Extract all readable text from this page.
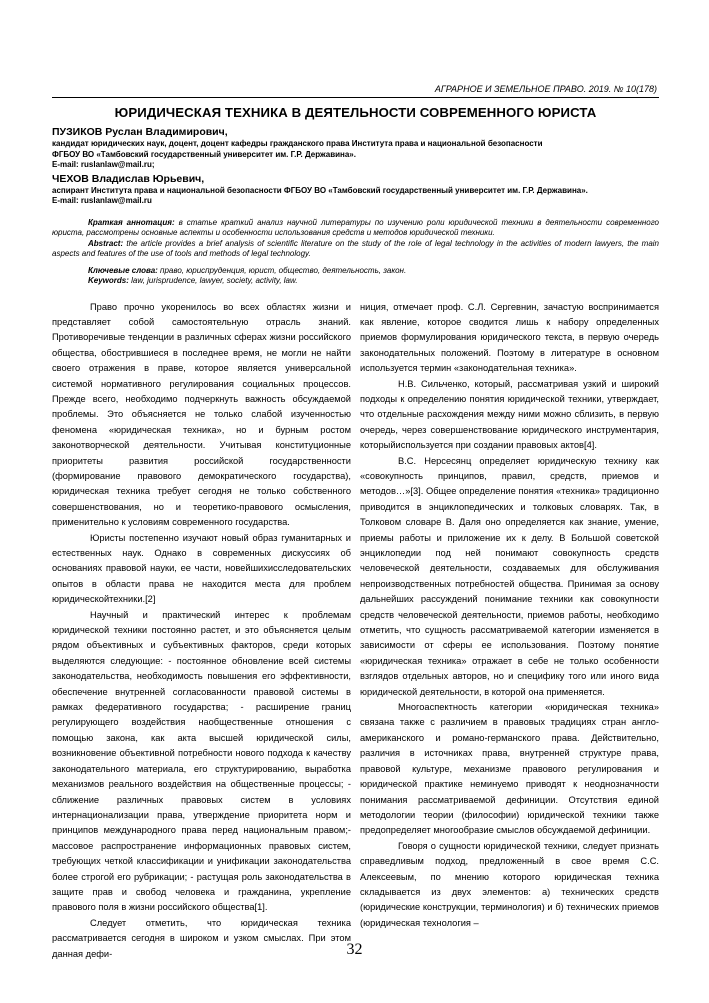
АГРАРНОЕ И ЗЕМЕЛЬНОЕ ПРАВО. 2019. № 10(178)
ЮРИДИЧЕСКАЯ ТЕХНИКА В ДЕЯТЕЛЬНОСТИ СОВРЕМЕННОГО ЮРИСТА
ПУЗИКОВ Руслан Владимирович,
кандидат юридических наук, доцент, доцент кафедры гражданского права Института права и национальной безопасности
ФГБОУ ВО «Тамбовский государственный университет им. Г.Р. Державина».
E-mail: ruslanlaw@mail.ru;
ЧЕХОВ Владислав Юрьевич,
аспирант Института права и национальной безопасности ФГБОУ ВО «Тамбовский государственный университет им. Г.Р. Державина».
E-mail: ruslanlaw@mail.ru

Краткая аннотация: в статье краткий анализ научной литературы по изучению роли юридической техники в деятельности современного юриста, рассмотрены основные аспекты и особенности использования средств и методов юридической техники.

Abstract: the article provides a brief analysis of scientific literature on the study of the role of legal technology in the activities of modern lawyers, the main aspects and features of the use of tools and methods of legal technology.

Ключевые слова: право, юриспруденция, юрист, общество, деятельность, закон.

Keywords: law, jurisprudence, lawyer, society, activity, law.

Право прочно укоренилось во всех областях жизни и представляет собой самостоятельную отрасль знаний. Противоречивые тенденции в различных сферах жизни российского общества, обострившиеся в последнее время, не могли не найти своего отражения в праве, которое является универсальной системой нормативного регулирования социальных процессов. Прежде всего, необходимо подчеркнуть важность обсуждаемой проблемы. Это объясняется не только слабой изученностью феномена «юридическая техника», но и бурным ростом законотворческой деятельности. Учитывая конституционные приоритеты развития российской государственности (формирование правового демократического государства), юридическая техника требует сегодня не только собственного совершенствования, но и теоретико-правового осмысления, применительно к условиям современного государства.

Юристы постепенно изучают новый образ гуманитарных и естественных наук. Однако в современных дискуссиях об основаниях правовой науки, ее части, новейшихисследовательских опытов в области права не находится места для проблем юридическойтехники.[2]

Научный и практический интерес к проблемам юридической техники постоянно растет, и это объясняется целым рядом объективных и субъективных факторов, среди которых выделяются следующие: - постоянное обновление всей системы законодательства, необходимость повышения его эффективности, обеспечение внутренней согласованности правовой системы в рамках федеративного государства; - расширение границ регулирующего воздействия наобщественные отношения с помощью закона, как акта высшей юридической силы, возникновение объективной потребности нового подхода к качеству законодательного материала, его структурированию, выработка механизмов реального воздействия на общественные процессы; - сближение различных правовых систем в условиях интернационализации права, утверждение приоритета норм и принципов международного права перед национальным правом;- массовое распространение информационных правовых систем, требующих четкой классификации и унификации законодательства более строгой его рубрикации; - растущая роль законодательства в защите прав и свобод человека и гражданина, укрепление правового поля в жизни российского общества[1].

Следует отметить, что юридическая техника рассматривается сегодня в широком и узком смыслах. При этом данная дефи-

ниция, отмечает проф. С.Л. Сергевнин, зачастую воспринимается как явление, которое сводится лишь к набору определенных приемов формулирования юридического текста, в первую очередь законодательных положений. Поэтому в литературе в основном используется термин «законодательная техника».

Н.В. Сильченко, который, рассматривая узкий и широкий подходы к определению понятия юридической техники, утверждает, что отдельные расхождения между ними можно сблизить, в первую очередь, через совершенствование юридического инструментария, которыйиспользуется при создании правовых актов[4].

В.С. Нерсесянц определяет юридическую технику как «совокупность принципов, правил, средств, приемов и методов…»[3]. Общее определение понятия «техника» традиционно приводится в энциклопедических и толковых словарях. Так, в Толковом словаре В. Даля оно определяется как знание, умение, приемы работы и приложение их к делу. В Большой советской энциклопедии под ней понимают совокупность средств человеческой деятельности, создаваемых для обслуживания непроизводственных потребностей общества. Принимая за основу дальнейших рассуждений понимание техники как совокупности средств человеческой деятельности, приемов работы, необходимо отметить, что сущность рассматриваемой категории изменяется в зависимости от сферы ее использования. Поэтому понятие «юридическая техника» отражает в себе не только особенности взглядов отдельных авторов, но и специфику того или иного вида юридической деятельности, в которой она применяется.

Многоаспектность категории «юридическая техника» связана также с различием в правовых традициях стран англо-американского и романо-германского права. Действительно, различия в источниках права, внутренней структуре права, правовой культуре, механизме правового регулирования и юридической практике неминуемо приводят к неоднозначности понимания рассматриваемой дефиниции. Отсутствия единой методологии теории (философии) юридической техники также предопределяет многообразие смыслов обсуждаемой дефиниции.

Говоря о сущности юридической техники, следует признать справедливым подход, предложенный в свое время С.С. Алексеевым, по мнению которого юридическая техника складывается из двух элементов: а) технических средств (юридические конструкции, терминология) и б) технических приемов (юридическая технология –

32
